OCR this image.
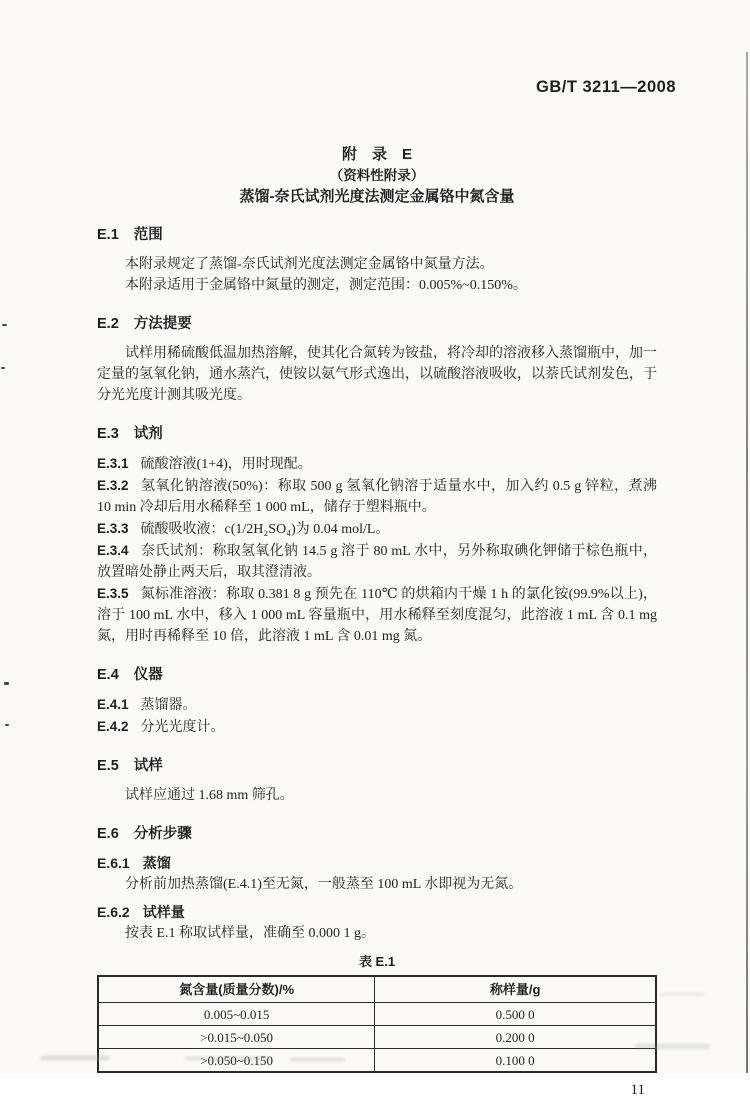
GB/T 3211—2008
附　录　E
（资料性附录）
蒸馏-奈氏试剂光度法测定金属铬中氮含量
E.1 范围

本附录规定了蒸馏-奈氏试剂光度法测定金属铬中氮量方法。

本附录适用于金属铬中氮量的测定，测定范围：0.005%~0.150%。

E.2 方法提要

试样用稀硫酸低温加热溶解，使其化合氮转为铵盐，将冷却的溶液移入蒸馏瓶中，加一定量的氢氧化钠，通水蒸汽，使铵以氨气形式逸出，以硫酸溶液吸收，以萘氏试剂发色，于分光光度计测其吸光度。

E.3 试剂

E.3.1 硫酸溶液(1+4)，用时现配。

E.3.2 氢氧化钠溶液(50%)：称取 500 g 氢氧化钠溶于适量水中，加入约 0.5 g 锌粒，煮沸 10 min 冷却后用水稀释至 1 000 mL，储存于塑料瓶中。

E.3.3 硫酸吸收液：c(1/2H₂SO₄)为 0.04 mol/L。

E.3.4 奈氏试剂：称取氢氧化钠 14.5 g 溶于 80 mL 水中，另外称取碘化钾储于棕色瓶中，放置暗处静止两天后，取其澄清液。

E.3.5 氮标准溶液：称取 0.381 8 g 预先在 110℃ 的烘箱内干燥 1 h 的氯化铵(99.9%以上)，溶于 100 mL 水中，移入 1 000 mL 容量瓶中，用水稀释至刻度混匀，此溶液 1 mL 含 0.1 mg 氮，用时再稀释至 10 倍，此溶液 1 mL 含 0.01 mg 氮。

E.4 仪器

E.4.1 蒸馏器。

E.4.2 分光光度计。

E.5 试样

试样应通过 1.68 mm 筛孔。

E.6 分析步骤
E.6.1 蒸馏

分析前加热蒸馏(E.4.1)至无氮，一般蒸至 100 mL 水即视为无氮。

E.6.2 试样量

按表 E.1 称取试样量，准确至 0.000 1 g。

表 E.1
氮含量(质量分数)/%	称样量/g
0.005~0.015	0.500 0
>0.015~0.050	0.200 0
>0.050~0.150	0.100 0
11
